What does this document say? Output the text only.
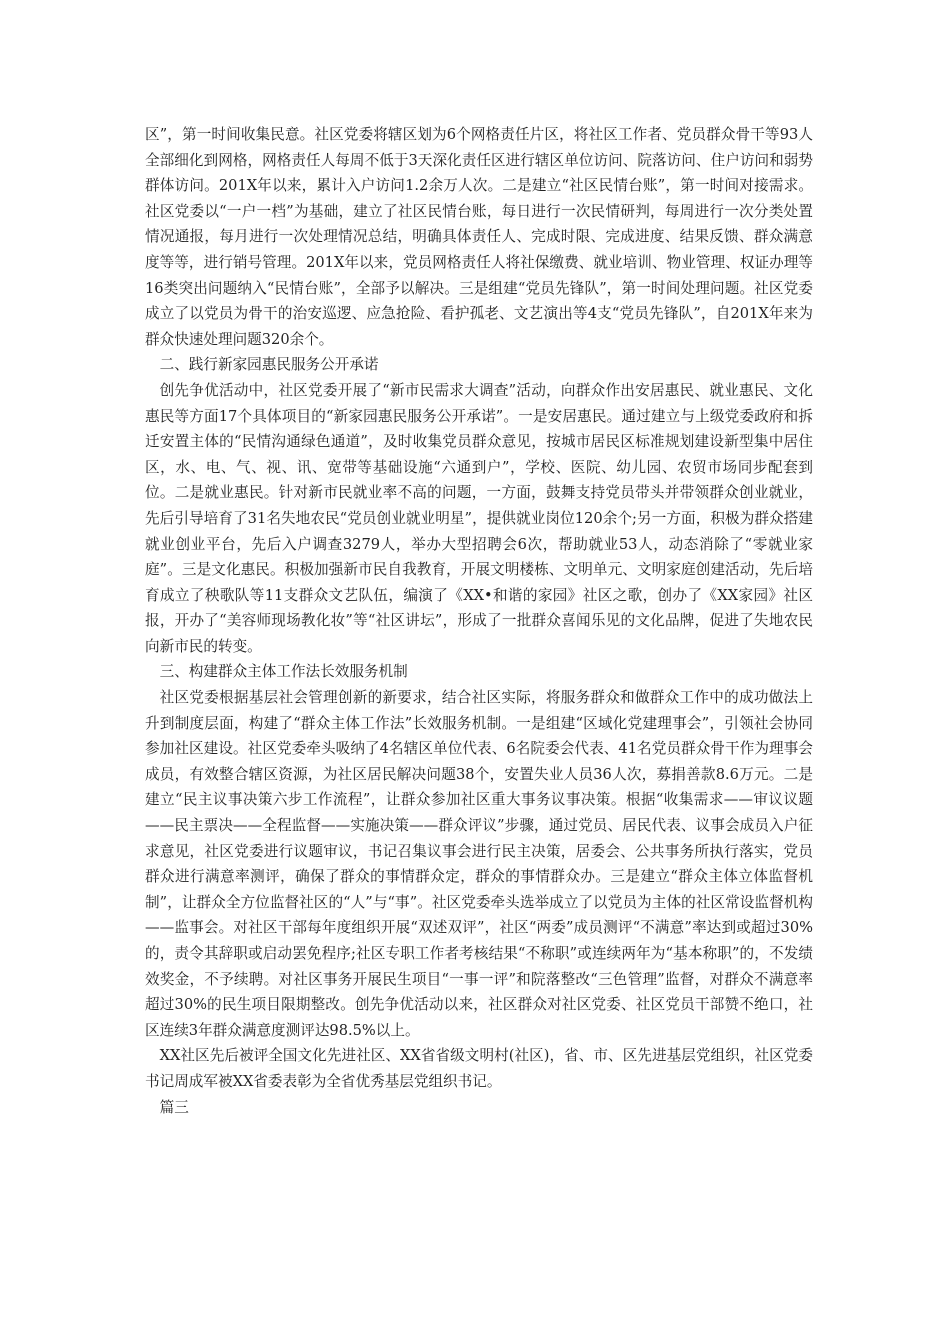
区”，第一时间收集民意。社区党委将辖区划为6个网格责任片区，将社区工作者、党员群众骨干等93人全部细化到网格，网格责任人每周不低于3天深化责任区进行辖区单位访问、院落访问、住户访问和弱势群体访问。201X年以来，累计入户访问1.2余万人次。二是建立“社区民情台账”，第一时间对接需求。社区党委以“一户一档”为基础，建立了社区民情台账，每日进行一次民情研判，每周进行一次分类处置情况通报，每月进行一次处理情况总结，明确具体责任人、完成时限、完成进度、结果反馈、群众满意度等等，进行销号管理。201X年以来，党员网格责任人将社保缴费、就业培训、物业管理、权证办理等16类突出问题纳入“民情台账”，全部予以解决。三是组建“党员先锋队”，第一时间处理问题。社区党委成立了以党员为骨干的治安巡逻、应急抢险、看护孤老、文艺演出等4支“党员先锋队”，自201X年来为群众快速处理问题320余个。

二、践行新家园惠民服务公开承诺

创先争优活动中，社区党委开展了“新市民需求大调查”活动，向群众作出安居惠民、就业惠民、文化惠民等方面17个具体项目的“新家园惠民服务公开承诺”。一是安居惠民。通过建立与上级党委政府和拆迁安置主体的“民情沟通绿色通道”，及时收集党员群众意见，按城市居民区标准规划建设新型集中居住区，水、电、气、视、讯、宽带等基础设施“六通到户”，学校、医院、幼儿园、农贸市场同步配套到位。二是就业惠民。针对新市民就业率不高的问题，一方面，鼓舞支持党员带头并带领群众创业就业，先后引导培育了31名失地农民“党员创业就业明星”，提供就业岗位120余个;另一方面，积极为群众搭建就业创业平台，先后入户调查3279人，举办大型招聘会6次，帮助就业53人，动态消除了“零就业家庭”。三是文化惠民。积极加强新市民自我教育，开展文明楼栋、文明单元、文明家庭创建活动，先后培育成立了秧歌队等11支群众文艺队伍，编演了《XX•和谐的家园》社区之歌，创办了《XX家园》社区报，开办了“美容师现场教化妆”等“社区讲坛”，形成了一批群众喜闻乐见的文化品牌，促进了失地农民向新市民的转变。

三、构建群众主体工作法长效服务机制

社区党委根据基层社会管理创新的新要求，结合社区实际，将服务群众和做群众工作中的成功做法上升到制度层面，构建了“群众主体工作法”长效服务机制。一是组建“区域化党建理事会”，引领社会协同参加社区建设。社区党委牵头吸纳了4名辖区单位代表、6名院委会代表、41名党员群众骨干作为理事会成员，有效整合辖区资源，为社区居民解决问题38个，安置失业人员36人次，募捐善款8.6万元。二是建立“民主议事决策六步工作流程”，让群众参加社区重大事务议事决策。根据“收集需求——审议议题——民主票决——全程监督——实施决策——群众评议”步骤，通过党员、居民代表、议事会成员入户征求意见，社区党委进行议题审议，书记召集议事会进行民主决策，居委会、公共事务所执行落实，党员群众进行满意率测评，确保了群众的事情群众定，群众的事情群众办。三是建立“群众主体立体监督机制”，让群众全方位监督社区的“人”与“事”。社区党委牵头选举成立了以党员为主体的社区常设监督机构——监事会。对社区干部每年度组织开展“双述双评”，社区“两委”成员测评“不满意”率达到或超过30%的，责令其辞职或启动罢免程序;社区专职工作者考核结果“不称职”或连续两年为“基本称职”的，不发绩效奖金，不予续聘。对社区事务开展民生项目“一事一评”和院落整改“三色管理”监督，对群众不满意率超过30%的民生项目限期整改。创先争优活动以来，社区群众对社区党委、社区党员干部赞不绝口，社区连续3年群众满意度测评达98.5%以上。

XX社区先后被评全国文化先进社区、XX省省级文明村(社区)，省、市、区先进基层党组织，社区党委书记周成军被XX省委表彰为全省优秀基层党组织书记。

篇三
